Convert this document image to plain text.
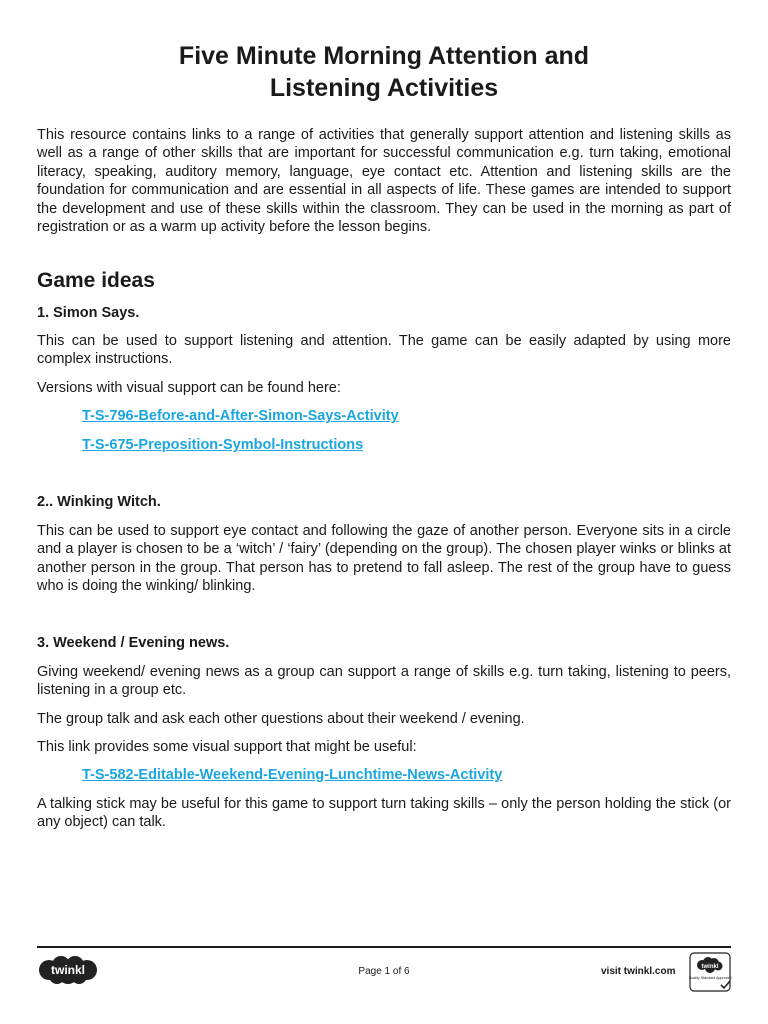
Five Minute Morning Attention and
Listening Activities
This resource contains links to a range of activities that generally support attention and listening skills as well as a range of other skills that are important for successful communication e.g. turn taking, emotional literacy, speaking, auditory memory, language, eye contact etc. Attention and listening skills are the foundation for communication and are essential in all aspects of life. These games are intended to support the development and use of these skills within the classroom. They can be used in the morning as part of registration or as a warm up activity before the lesson begins.
Game ideas
1. Simon Says.
This can be used to support listening and attention. The game can be easily adapted by using more complex instructions.
Versions with visual support can be found here:
T-S-796-Before-and-After-Simon-Says-Activity
T-S-675-Preposition-Symbol-Instructions
2.. Winking Witch.
This can be used to support eye contact and following the gaze of another person. Everyone sits in a circle and a player is chosen to be a ‘witch’ / ‘fairy’ (depending on the group). The chosen player winks or blinks at another person in the group. That person has to pretend to fall asleep. The rest of the group have to guess who is doing the winking/ blinking.
3. Weekend / Evening news.
Giving weekend/ evening news as a group can support a range of skills e.g. turn taking, listening to peers, listening in a group etc.
The group talk and ask each other questions about their weekend / evening.
This link provides some visual support that might be useful:
T-S-582-Editable-Weekend-Evening-Lunchtime-News-Activity
A talking stick may be useful for this game to support turn taking skills – only the person holding the stick (or any object) can talk.
twinkl	Page 1 of 6	visit twinkl.com	twinkl
Quality Standard Approved
